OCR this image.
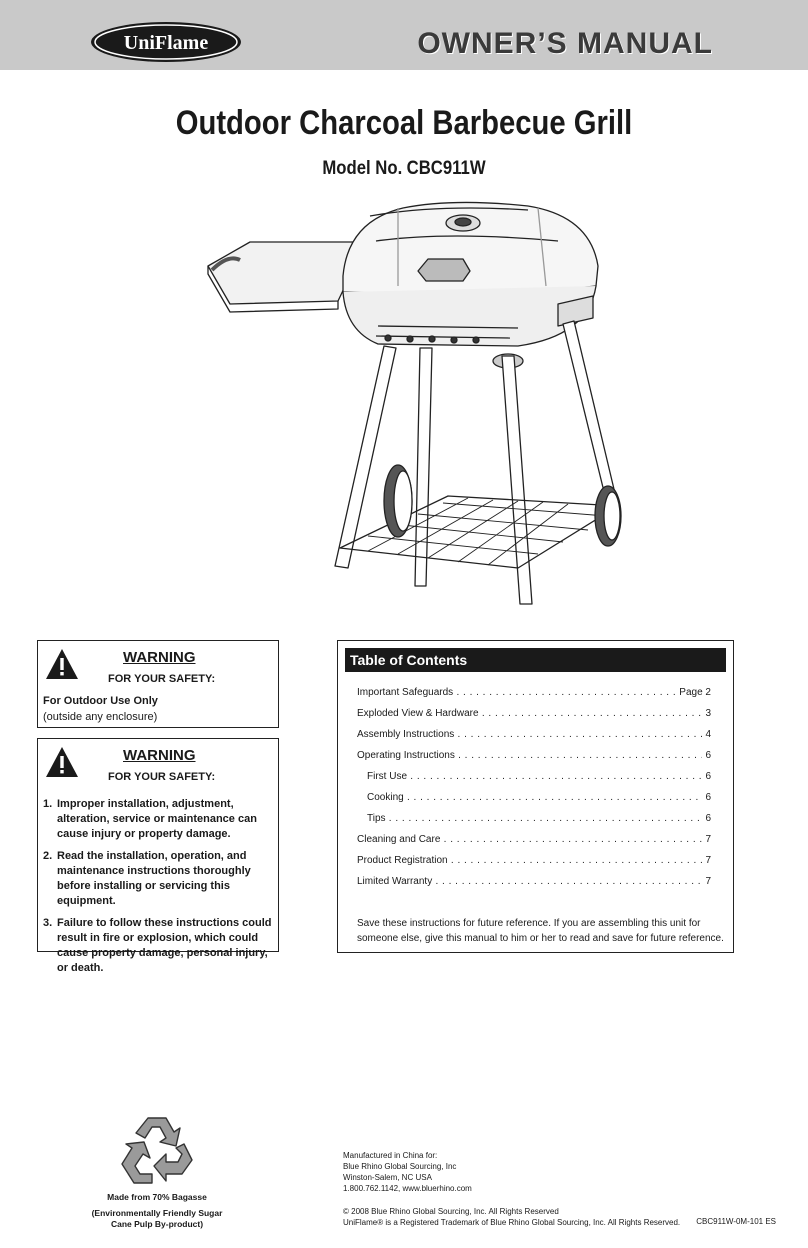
UniFlame	OWNER’S MANUAL
Outdoor Charcoal Barbecue Grill
Model No. CBC911W
WARNING
FOR YOUR SAFETY:
For Outdoor Use Only
(outside any enclosure)
WARNING
FOR YOUR SAFETY:
1. Improper installation, adjustment, alteration, service or maintenance can cause injury or property damage.
2. Read the installation, operation, and maintenance instructions thoroughly before installing or servicing this equipment.
3. Failure to follow these instructions could result in fire or explosion, which could cause property damage, personal injury, or death.
Table of Contents
Important Safeguards . . .	Page 2
Exploded View & Hardware . . .	3
Assembly Instructions . . .	4
Operating Instructions . . .	6
First Use . . .	6
Cooking . . .	6
Tips . . .	6
Cleaning and Care . . .	7
Product Registration . . .	7
Limited Warranty . . .	7
Save these instructions for future reference. If you are assembling this unit for someone else, give this manual to him or her to read and save for future reference.
Made from 70% Bagasse
(Environmentally Friendly Sugar
Cane Pulp By-product)
Manufactured in China for:
Blue Rhino Global Sourcing, Inc
Winston-Salem, NC USA
1.800.762.1142, www.bluerhino.com
© 2008 Blue Rhino Global Sourcing, Inc. All Rights Reserved
UniFlame® is a Registered Trademark of Blue Rhino Global Sourcing, Inc. All Rights Reserved. CBC911W-0M-101 ES
